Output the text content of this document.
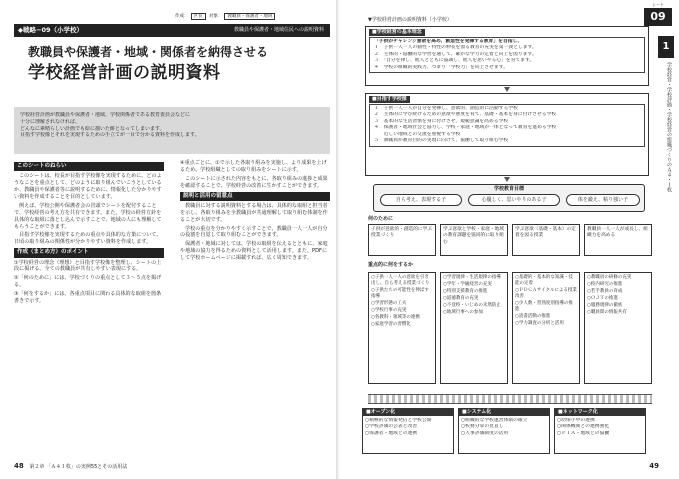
作成： 区長 対象： 教職員・保護者・地域
◆戦略−09（小学校）	教職員や保護者・地域住民への説明資料
教職員や保護者・地域・関係者を納得させる
学校経営計画の説明資料
学校経営計画が教職員や保護者・地域、学校関係者である教育委員会などに
十分に理解されなければ、
どんなに素晴らしい計画でも絵に描いた餅となってしまいます。
目指す学校像とそれを実現するための手立てが一目で分かる資料を作成します。
このシートのねらい

このシートは、校長が目指す学校像を実現するために、どのようなことを重点として、どのように取り組んでいこうとしているか、教職員や保護者等に説明するために、情報化した分かりやすい資料を作成することを目的としています。

例えば、学校公開や保護者会の冒頭でシートを配付することで、学校経営の考え方を共有できます。また、学校の経営方針を具体的な取組に落とし込んで示すことで、地域の人にも理解してもらうことができます。

目指す学校像を実現するための重点や具体的な方策について、日頃の取り組みの関係性が分かりやすい資料を作成します。

作成（まとめ方）のポイント

①学校経営の理念（理想）と目指す学校像を整理し、シートの上段に掲げる。全ての教職員が共有しやすい表現にする。

②「何のために」には、学校づくりの重点として３〜５点を掲げる。

③「何をするか」には、各重点項目に関わる具体的な取組を箇条書きで示す。

④重点ごとに、①で示した各取り組みを実施し、より成果を上げるため、学校組織としての取り組みをシートに示す。

このシートに示された内容をもとに、各取り組みの進捗と成果を確認することで、学校経営の改善に生かすことができます。

説明と活用の留意点

教職員に対する説明資料とする場合は、具体的な取組と担当者を示し、各取り組みを全教職員が共通理解して取り組む体制を作ることが大切です。

学校の重点を分かりやすく示すことで、教職員一人一人が自分の役割を自覚して取り組むことができます。

保護者・地域に対しては、学校の取組を伝えるとともに、家庭や地域の協力を得るための資料として活用します。また、PDFにして学校ホームページに掲載すれば、広く周知できます。

48 第２章 「Ａ４１枚」の実例55とその活用法
▼学校経営計画の説明資料（小学校）
シート
09
1
学校経営・学校評価・学校経営の組織づくりのＡ４・１枚
■学校経営の基本理念
「子供がチャレンジ意欲を高め、創造性を発揮する教育」を目指し、
１　子供一人一人の個性・特性の伸長を図る教育の充実を第一義とします。
２　主体的・協働的な学習を通して、確かな学力の定着と向上を図ります。
３　「自分を律し、他人とともに協調し、他人を思いやる心」を育てます。
４　学校の組織的実践力、つまり「学校力」を向上させます。
■目指す学校像
１　子供一人一人が自分を発揮し、意欲的、創造的に活動する学校
２　主体的に学び続けるための意欲や態度を育て、基礎・基本を身に付けさせる学校
３　基本的な生活習慣を身に付けさせ、規範意識を高める学校
４　保護者・地域社会と協力し、学校・家庭・地域が一体となって教育を進める学校
　　近しい地域との交流を重視する学校
５　教職員が教育目的の実現に向けて、協働して取り組む学校
学校教育目標
自ら考え、表現する子	心優しく、思いやりのある子	体を鍛え、粘り強い子
何のために
子供が意欲的・創造的に学ぶ授業づくり
学ぶ意欲と学校・家庭・地域の教育課題を協同的に取り組む
学ぶ意欲（基礎・基本）の定着を図る授業
教職員一人一人が成長し、組織力を高める
重点的に何をするか
○子供一人一人の意欲を引き出し、自ら考える授業づくり
○子供たちの可能性を伸ばす指導
○学習形態の工夫
○学校行事の充実
○各教科・領域等の連携
○家庭学習の習慣化
○学習規律・生活規律の指導
○学年・学級経営の充実
○特別支援教育の推進
○道徳教育の充実
○不登校・いじめの未然防止
○地域行事への参加
○基礎的・基本的な知識・技能の定着
○ＰＤＣＡサイクルによる授業改善
○少人数・習熟度別指導の推進
○読書活動の推進
○学力調査の分析と活用
○教職員の研修の充実
○校内研究の推進
○若手教員の育成
○ＯＪＴの推進
○服務規律の徹底
○職員間の情報共有
■オープン化
○積極的な情報発信と学校公開
○学校評価の公表と改善
○保護者・地域との連携
■システム化
○組織的な学校運営体制の確立
○校務分掌の見直し
○人事評価制度の活用
■ネットワーク化
○幼保小中の連携
○関係機関との連携強化
○ＰＴＡ・地域との協働
49
